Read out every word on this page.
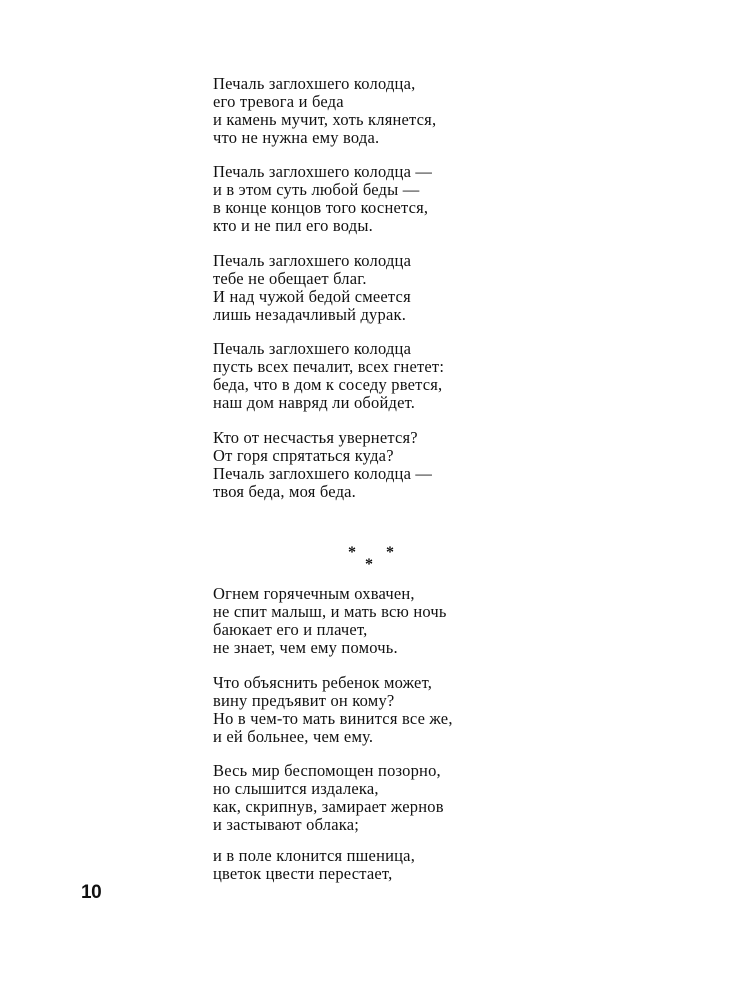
Печаль заглохшего колодца,
его тревога и беда
и камень мучит, хоть клянется,
что не нужна ему вода.
Печаль заглохшего колодца —
и в этом суть любой беды —
в конце концов того коснется,
кто и не пил его воды.
Печаль заглохшего колодца
тебе не обещает благ.
И над чужой бедой смеется
лишь незадачливый дурак.
Печаль заглохшего колодца
пусть всех печалит, всех гнетет:
беда, что в дом к соседу рвется,
наш дом навряд ли обойдет.
Кто от несчастья увернется?
От горя спрятаться куда?
Печаль заглохшего колодца —
твоя беда, моя беда.
*
*
*
Огнем горячечным охвачен,
не спит малыш, и мать всю ночь
баюкает его и плачет,
не знает, чем ему помочь.
Что объяснить ребенок может,
вину предъявит он кому?
Но в чем-то мать винится все же,
и ей больнее, чем ему.
Весь мир беспомощен позорно,
но слышится издалека,
как, скрипнув, замирает жернов
и застывают облака;
и в поле клонится пшеница,
цветок цвести перестает,
10
